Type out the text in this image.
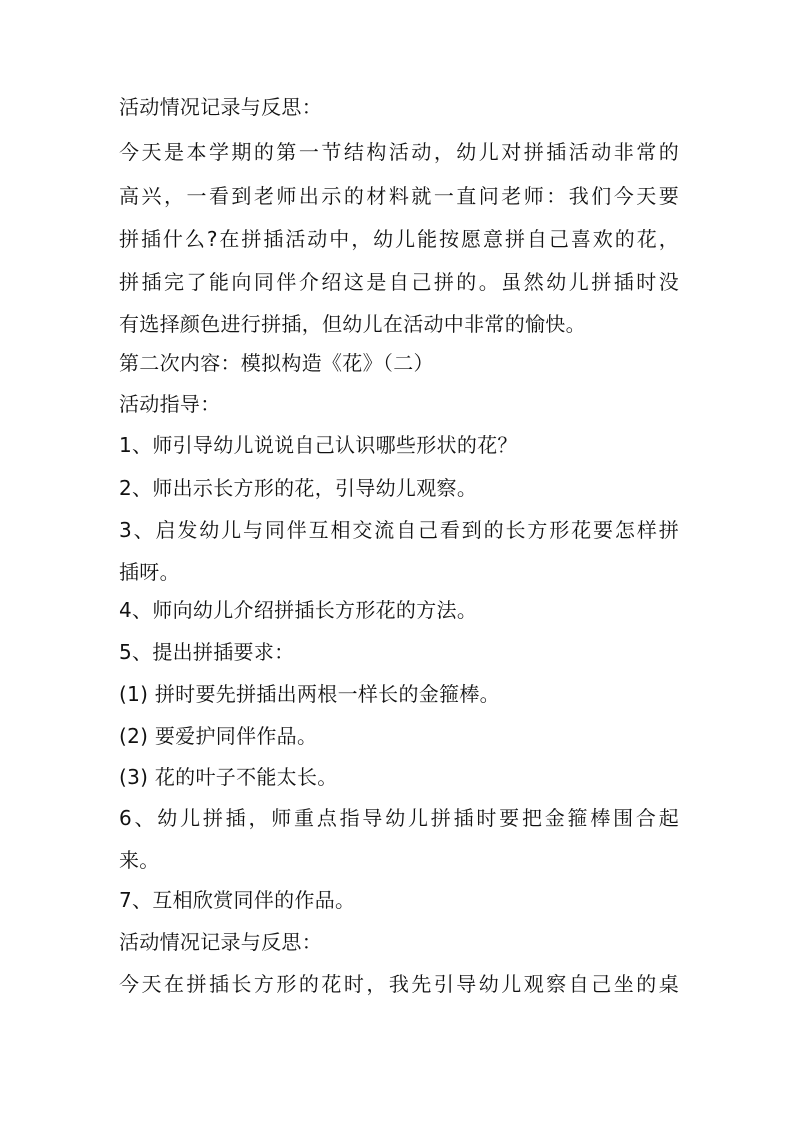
活动情况记录与反思：
今天是本学期的第一节结构活动，幼儿对拼插活动非常的
高兴，一看到老师出示的材料就一直问老师：我们今天要
拼插什么?在拼插活动中，幼儿能按愿意拼自己喜欢的花，
拼插完了能向同伴介绍这是自己拼的。虽然幼儿拼插时没
有选择颜色进行拼插，但幼儿在活动中非常的愉快。
第二次内容：模拟构造《花》（二）
活动指导：
1、师引导幼儿说说自己认识哪些形状的花？
2、师出示长方形的花，引导幼儿观察。
3、启发幼儿与同伴互相交流自己看到的长方形花要怎样拼
插呀。
4、师向幼儿介绍拼插长方形花的方法。
5、提出拼插要求：
(1) 拼时要先拼插出两根一样长的金箍棒。
(2) 要爱护同伴作品。
(3) 花的叶子不能太长。
6、幼儿拼插，师重点指导幼儿拼插时要把金箍棒围合起
来。
7、互相欣赏同伴的作品。
活动情况记录与反思：
今天在拼插长方形的花时，我先引导幼儿观察自己坐的桌
